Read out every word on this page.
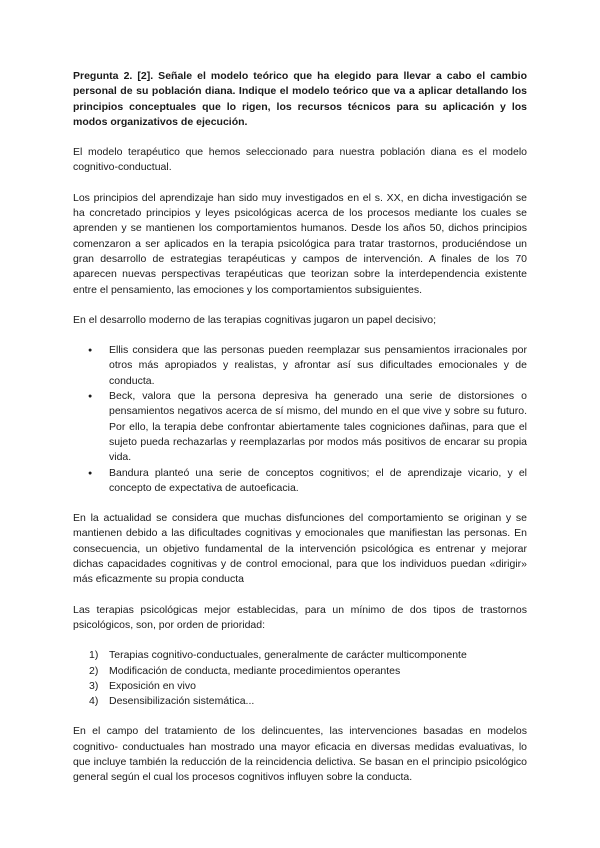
Pregunta 2. [2]. Señale el modelo teórico que ha elegido para llevar a cabo el cambio personal de su población diana. Indique el modelo teórico que va a aplicar detallando los principios conceptuales que lo rigen, los recursos técnicos para su aplicación y los modos organizativos de ejecución.

El modelo terapéutico que hemos seleccionado para nuestra población diana es el modelo cognitivo-conductual.

Los principios del aprendizaje han sido muy investigados en el s. XX, en dicha investigación se ha concretado principios y leyes psicológicas acerca de los procesos mediante los cuales se aprenden y se mantienen los comportamientos humanos. Desde los años 50, dichos principios comenzaron a ser aplicados en la terapia psicológica para tratar trastornos, produciéndose un gran desarrollo de estrategias terapéuticas y campos de intervención. A finales de los 70 aparecen nuevas perspectivas terapéuticas que teorizan sobre la interdependencia existente entre el pensamiento, las emociones y los comportamientos subsiguientes.

En el desarrollo moderno de las terapias cognitivas jugaron un papel decisivo;

● Ellis considera que las personas pueden reemplazar sus pensamientos irracionales por otros más apropiados y realistas, y afrontar así sus dificultades emocionales y de conducta.
● Beck, valora que la persona depresiva ha generado una serie de distorsiones o pensamientos negativos acerca de sí mismo, del mundo en el que vive y sobre su futuro. Por ello, la terapia debe confrontar abiertamente tales cogniciones dañinas, para que el sujeto pueda rechazarlas y reemplazarlas por modos más positivos de encarar su propia vida.
● Bandura planteó una serie de conceptos cognitivos; el de aprendizaje vicario, y el concepto de expectativa de autoeficacia.

En la actualidad se considera que muchas disfunciones del comportamiento se originan y se mantienen debido a las dificultades cognitivas y emocionales que manifiestan las personas. En consecuencia, un objetivo fundamental de la intervención psicológica es entrenar y mejorar dichas capacidades cognitivas y de control emocional, para que los individuos puedan «dirigir» más eficazmente su propia conducta

Las terapias psicológicas mejor establecidas, para un mínimo de dos tipos de trastornos psicológicos, son, por orden de prioridad:

1) Terapias cognitivo-conductuales, generalmente de carácter multicomponente
2) Modificación de conducta, mediante procedimientos operantes
3) Exposición en vivo
4) Desensibilización sistemática...

En el campo del tratamiento de los delincuentes, las intervenciones basadas en modelos cognitivo- conductuales han mostrado una mayor eficacia en diversas medidas evaluativas, lo que incluye también la reducción de la reincidencia delictiva. Se basan en el principio psicológico general según el cual los procesos cognitivos influyen sobre la conducta.
